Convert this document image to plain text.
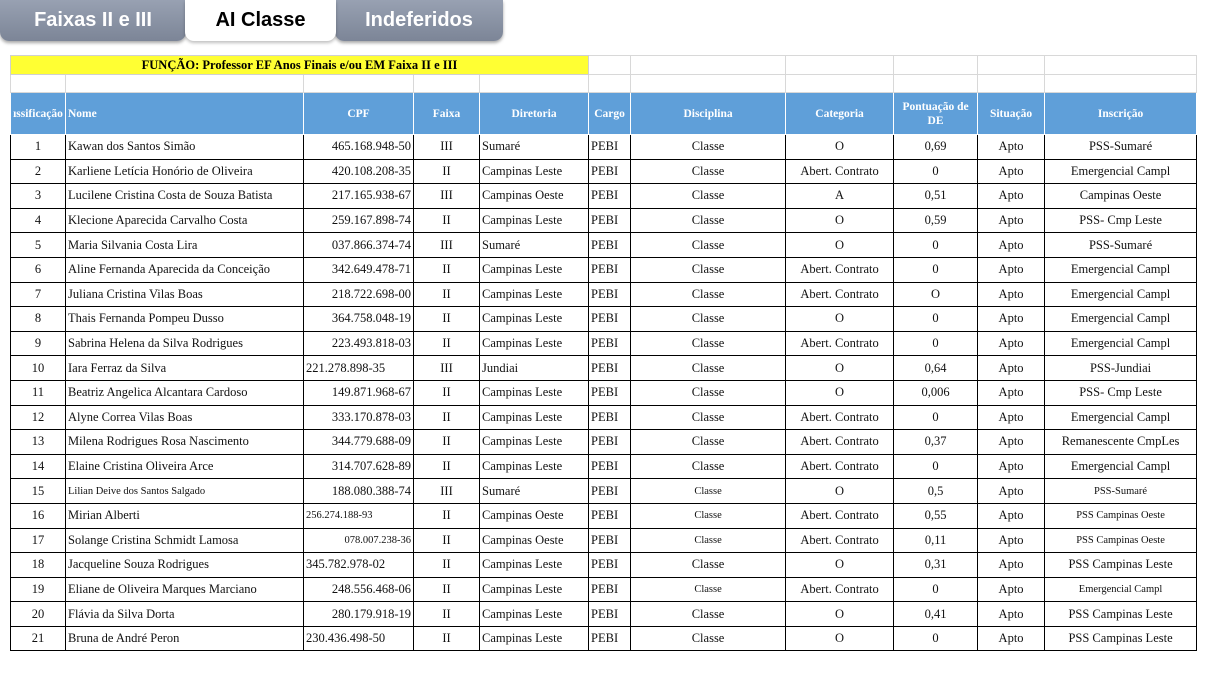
Faixas II e III	AI Classe	Indeferidos
FUNÇÃO: Professor EF Anos Finais e/ou EM Faixa II e III										

ıssificação	Nome	CPF	Faixa	Diretoria	Cargo	Disciplina	Categoria	Pontuação de DE	Situação	Inscrição
1	Kawan dos Santos Simão	465.168.948-50	III	Sumaré	PEBI	Classe	O	0,69	Apto	PSS-Sumaré
2	Karliene Letícia Honório de Oliveira	420.108.208-35	II	Campinas Leste	PEBI	Classe	Abert. Contrato	0	Apto	Emergencial Campl
3	Lucilene Cristina Costa de Souza Batista	217.165.938-67	III	Campinas Oeste	PEBI	Classe	A	0,51	Apto	Campinas Oeste
4	Klecione Aparecida Carvalho Costa	259.167.898-74	II	Campinas Leste	PEBI	Classe	O	0,59	Apto	PSS- Cmp Leste
5	Maria Silvania Costa Lira	037.866.374-74	III	Sumaré	PEBI	Classe	O	0	Apto	PSS-Sumaré
6	Aline Fernanda Aparecida da Conceição	342.649.478-71	II	Campinas Leste	PEBI	Classe	Abert. Contrato	0	Apto	Emergencial Campl
7	Juliana Cristina Vilas Boas	218.722.698-00	II	Campinas Leste	PEBI	Classe	Abert. Contrato	O	Apto	Emergencial Campl
8	Thais Fernanda Pompeu Dusso	364.758.048-19	II	Campinas Leste	PEBI	Classe	O	0	Apto	Emergencial Campl
9	Sabrina Helena da Silva Rodrigues	223.493.818-03	II	Campinas Leste	PEBI	Classe	Abert. Contrato	0	Apto	Emergencial Campl
10	Iara Ferraz da Silva	221.278.898-35	III	Jundiai	PEBI	Classe	O	0,64	Apto	PSS-Jundiai
11	Beatriz Angelica Alcantara Cardoso	149.871.968-67	II	Campinas Leste	PEBI	Classe	O	0,006	Apto	PSS- Cmp Leste
12	Alyne Correa Vilas Boas	333.170.878-03	II	Campinas Leste	PEBI	Classe	Abert. Contrato	0	Apto	Emergencial Campl
13	Milena Rodrigues Rosa Nascimento	344.779.688-09	II	Campinas Leste	PEBI	Classe	Abert. Contrato	0,37	Apto	Remanescente CmpLes
14	Elaine Cristina Oliveira Arce	314.707.628-89	II	Campinas Leste	PEBI	Classe	Abert. Contrato	0	Apto	Emergencial Campl
15	Lilian Deive dos Santos Salgado	188.080.388-74	III	Sumaré	PEBI	Classe	O	0,5	Apto	PSS-Sumaré
16	Mirian Alberti	256.274.188-93	II	Campinas Oeste	PEBI	Classe	Abert. Contrato	0,55	Apto	PSS Campinas Oeste
17	Solange Cristina Schmidt Lamosa	078.007.238-36	II	Campinas Oeste	PEBI	Classe	Abert. Contrato	0,11	Apto	PSS Campinas Oeste
18	Jacqueline Souza Rodrigues	345.782.978-02	II	Campinas Leste	PEBI	Classe	O	0,31	Apto	PSS Campinas Leste
19	Eliane de Oliveira Marques Marciano	248.556.468-06	II	Campinas Leste	PEBI	Classe	Abert. Contrato	0	Apto	Emergencial Campl
20	Flávia da Silva Dorta	280.179.918-19	II	Campinas Leste	PEBI	Classe	O	0,41	Apto	PSS Campinas Leste
21	Bruna de André Peron	230.436.498-50	II	Campinas Leste	PEBI	Classe	O	0	Apto	PSS Campinas Leste
